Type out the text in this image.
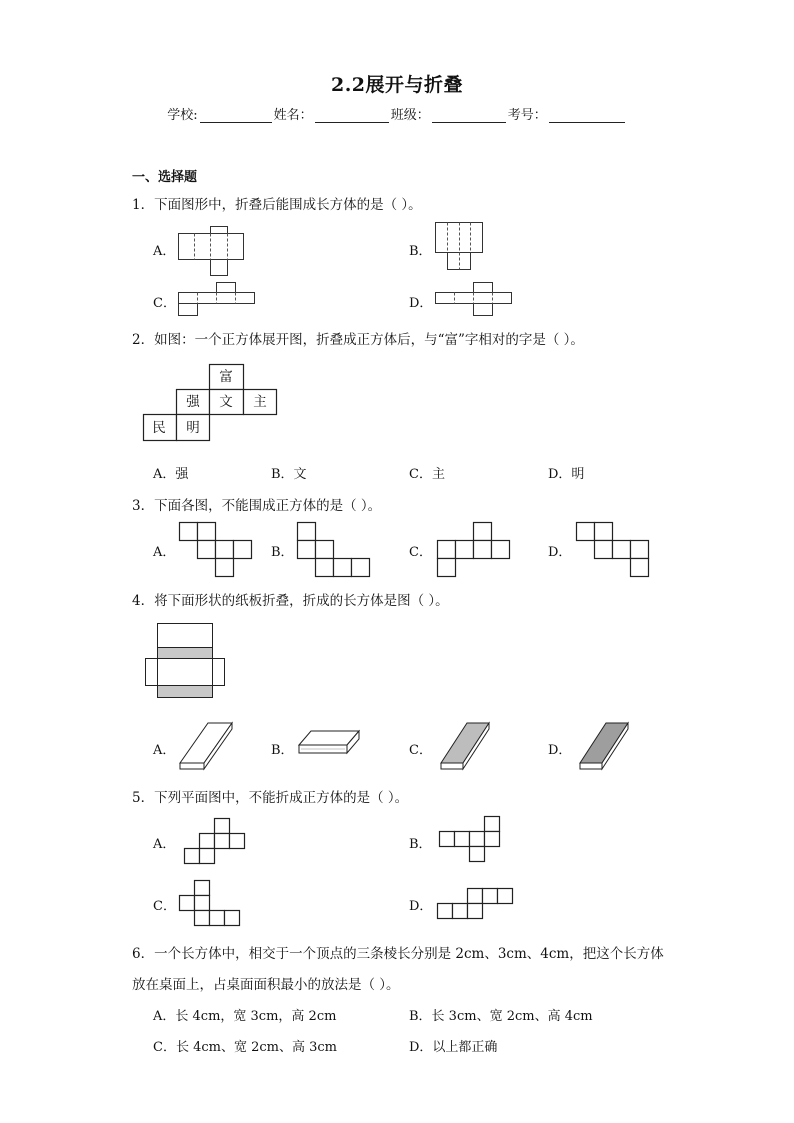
2.2展开与折叠
学校:	姓名：	班级：	考号：
一、选择题
1．下面图形中，折叠后能围成长方体的是（ ）。
A．	B．
C．	D．
2．如图：一个正方体展开图，折叠成正方体后，与“富”字相对的字是（ ）。
富
强	文	主
民	明
A．强	B．文	C．主	D．明
3．下面各图，不能围成正方体的是（ ）。
A．	B．	C．	D．
4．将下面形状的纸板折叠，折成的长方体是图（ ）。
A．	B．	C．	D．
5．下列平面图中，不能折成正方体的是（ ）。
A．	B．
C．	D．
6．一个长方体中，相交于一个顶点的三条棱长分别是 2cm、3cm、4cm，把这个长方体
放在桌面上，占桌面面积最小的放法是（ ）。
A．长 4cm，宽 3cm，高 2cm	B．长 3cm、宽 2cm、高 4cm
C．长 4cm、宽 2cm、高 3cm	D．以上都正确
